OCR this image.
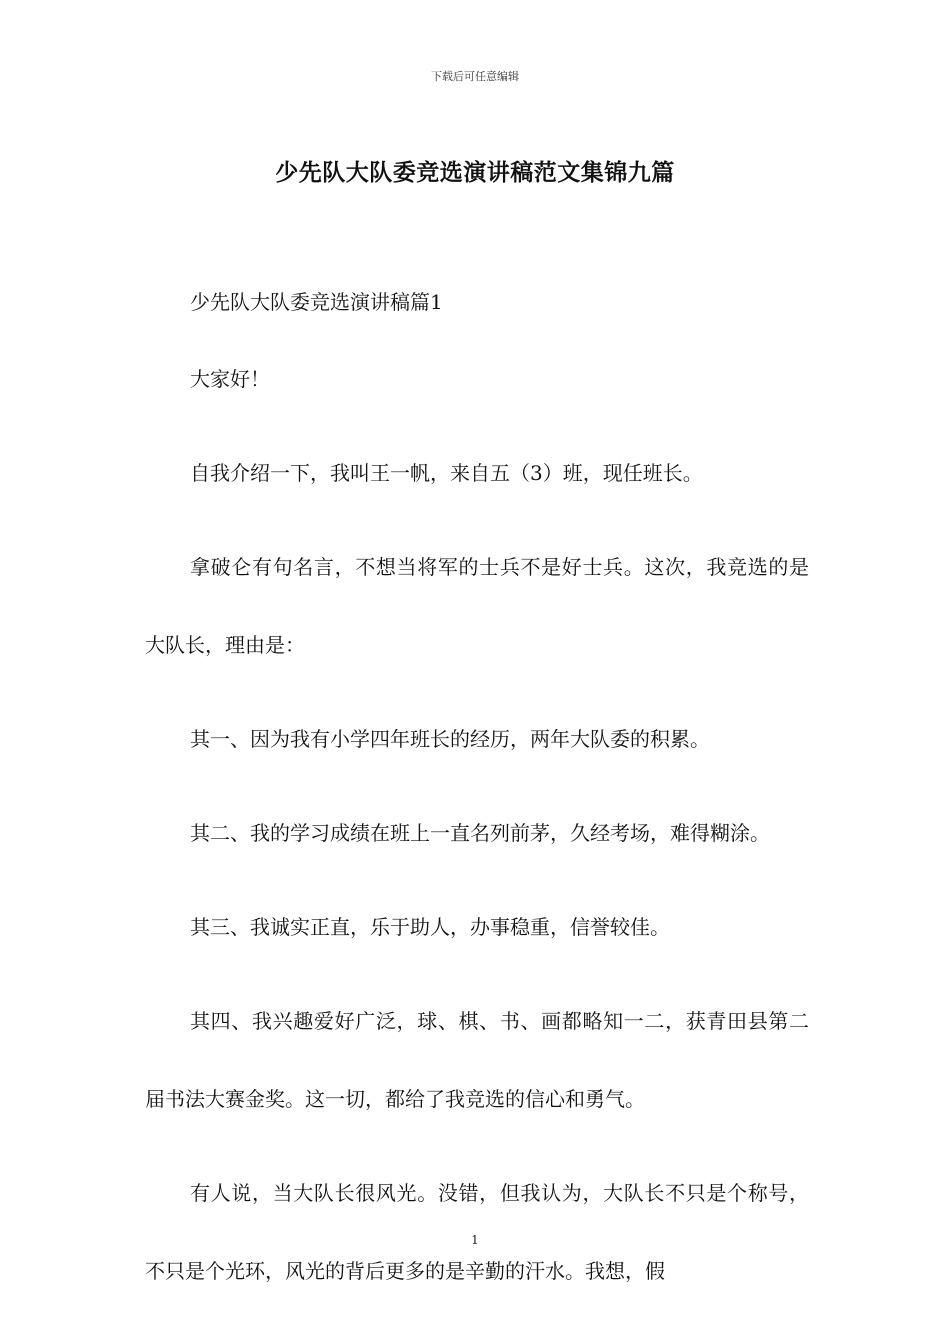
下载后可任意编辑
少先队大队委竞选演讲稿范文集锦九篇

少先队大队委竞选演讲稿篇1

大家好！

自我介绍一下，我叫王一帆，来自五（3）班，现任班长。

拿破仑有句名言，不想当将军的士兵不是好士兵。这次，我竞选的是大队长，理由是：

其一、因为我有小学四年班长的经历，两年大队委的积累。

其二、我的学习成绩在班上一直名列前茅，久经考场，难得糊涂。

其三、我诚实正直，乐于助人，办事稳重，信誉较佳。

其四、我兴趣爱好广泛，球、棋、书、画都略知一二，获青田县第二届书法大赛金奖。这一切，都给了我竞选的信心和勇气。

有人说，当大队长很风光。没错，但我认为，大队长不只是个称号，不只是个光环，风光的背后更多的是辛勤的汗水。我想，假

1
